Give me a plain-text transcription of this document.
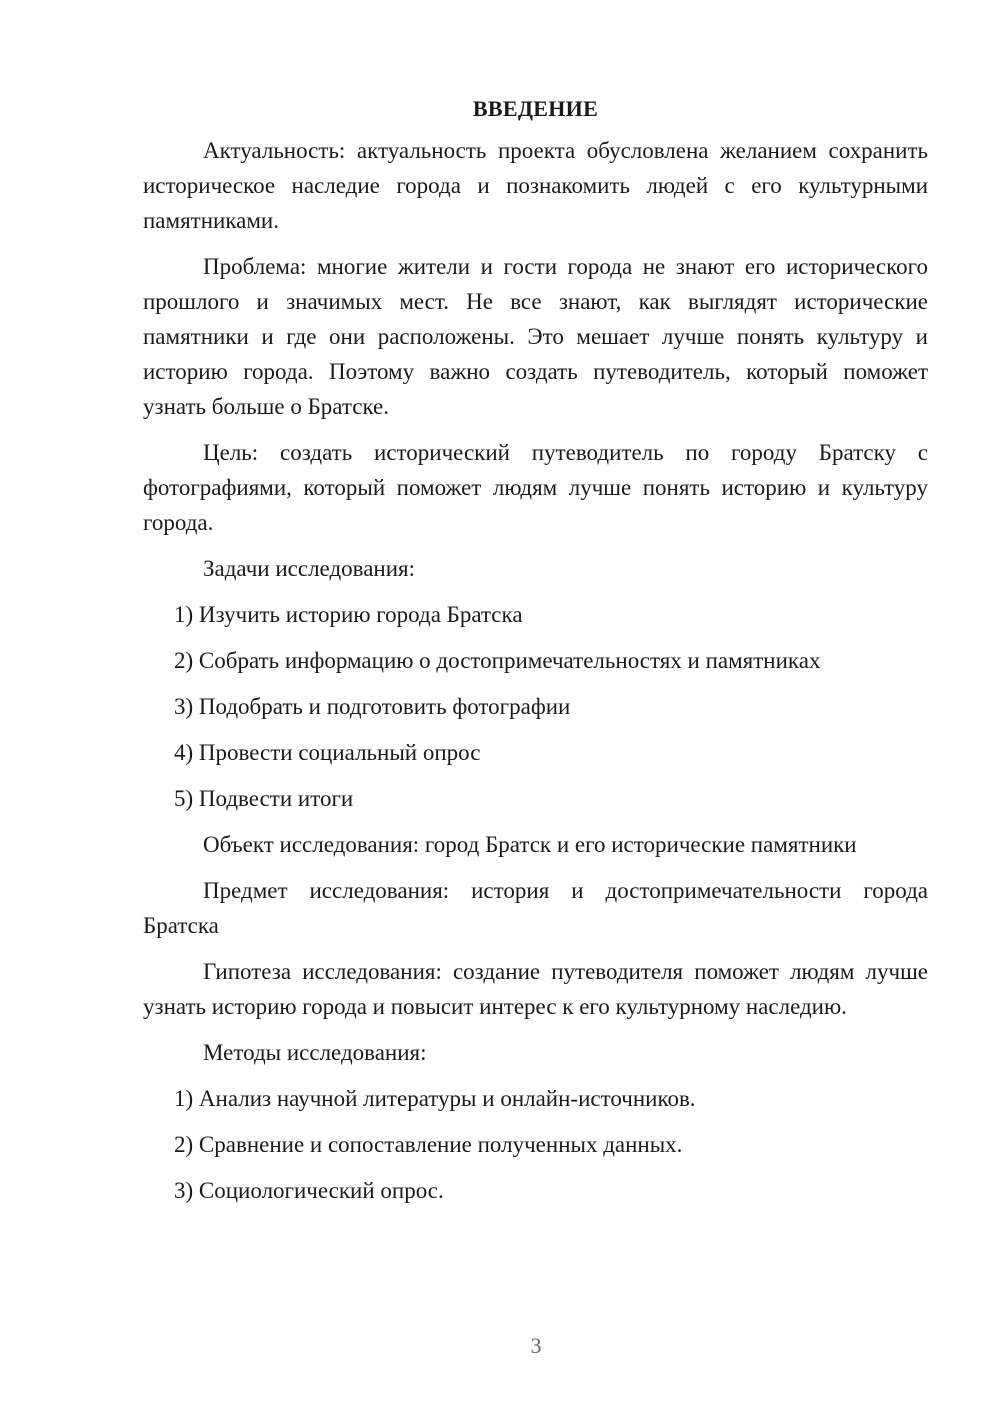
ВВЕДЕНИЕ

Актуальность: актуальность проекта обусловлена желанием сохранить историческое наследие города и познакомить людей с его культурными памятниками.

Проблема: многие жители и гости города не знают его исторического прошлого и значимых мест. Не все знают, как выглядят исторические памятники и где они расположены. Это мешает лучше понять культуру и историю города. Поэтому важно создать путеводитель, который поможет узнать больше о Братске.

Цель: создать исторический путеводитель по городу Братску с фотографиями, который поможет людям лучше понять историю и культуру города.

Задачи исследования:

1) Изучить историю города Братска
2) Собрать информацию о достопримечательностях и памятниках
3) Подобрать и подготовить фотографии
4) Провести социальный опрос
5) Подвести итоги

Объект исследования: город Братск и его исторические памятники

Предмет исследования: история и достопримечательности города Братска

Гипотеза исследования: создание путеводителя поможет людям лучше узнать историю города и повысит интерес к его культурному наследию.

Методы исследования:

1) Анализ научной литературы и онлайн-источников.
2) Сравнение и сопоставление полученных данных.
3) Социологический опрос.
3
